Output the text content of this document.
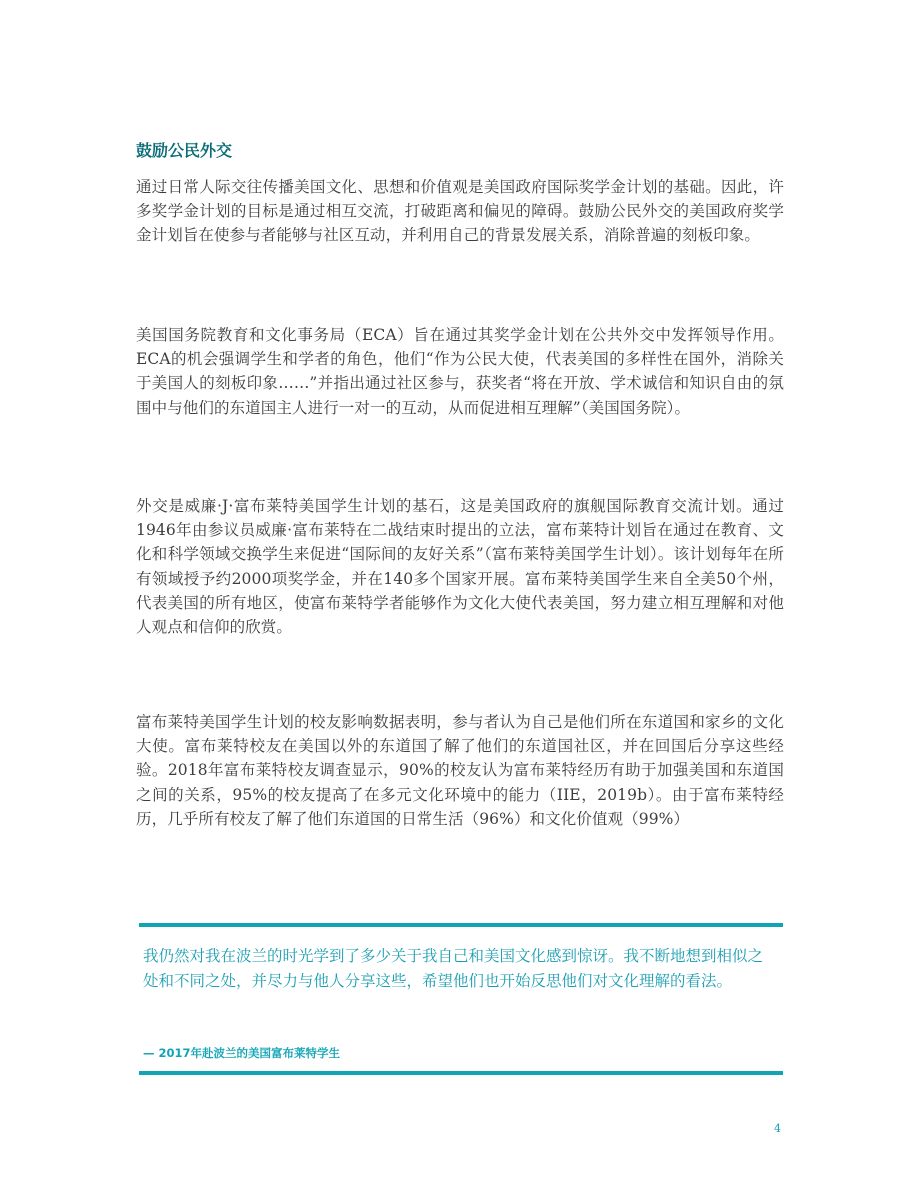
鼓励公民外交

通过日常人际交往传播美国文化、思想和价值观是美国政府国际奖学金计划的基础。因此，许多奖学金计划的目标是通过相互交流，打破距离和偏见的障碍。鼓励公民外交的美国政府奖学金计划旨在使参与者能够与社区互动，并利用自己的背景发展关系，消除普遍的刻板印象。

美国国务院教育和文化事务局（ECA）旨在通过其奖学金计划在公共外交中发挥领导作用。ECA的机会强调学生和学者的角色，他们“作为公民大使，代表美国的多样性在国外，消除关于美国人的刻板印象……”并指出通过社区参与，获奖者“将在开放、学术诚信和知识自由的氛围中与他们的东道国主人进行一对一的互动，从而促进相互理解”（美国国务院）。

外交是威廉·J·富布莱特美国学生计划的基石，这是美国政府的旗舰国际教育交流计划。通过1946年由参议员威廉·富布莱特在二战结束时提出的立法，富布莱特计划旨在通过在教育、文化和科学领域交换学生来促进“国际间的友好关系”（富布莱特美国学生计划）。该计划每年在所有领域授予约2000项奖学金，并在140多个国家开展。富布莱特美国学生来自全美50个州，代表美国的所有地区，使富布莱特学者能够作为文化大使代表美国，努力建立相互理解和对他人观点和信仰的欣赏。

富布莱特美国学生计划的校友影响数据表明，参与者认为自己是他们所在东道国和家乡的文化大使。富布莱特校友在美国以外的东道国了解了他们的东道国社区，并在回国后分享这些经验。2018年富布莱特校友调查显示，90%的校友认为富布莱特经历有助于加强美国和东道国之间的关系，95%的校友提高了在多元文化环境中的能力（IIE，2019b）。由于富布莱特经历，几乎所有校友了解了他们东道国的日常生活（96%）和文化价值观（99%）

我仍然对我在波兰的时光学到了多少关于我自己和美国文化感到惊讶。我不断地想到相似之处和不同之处，并尽力与他人分享这些，希望他们也开始反思他们对文化理解的看法。

— 2017年赴波兰的美国富布莱特学生

4
